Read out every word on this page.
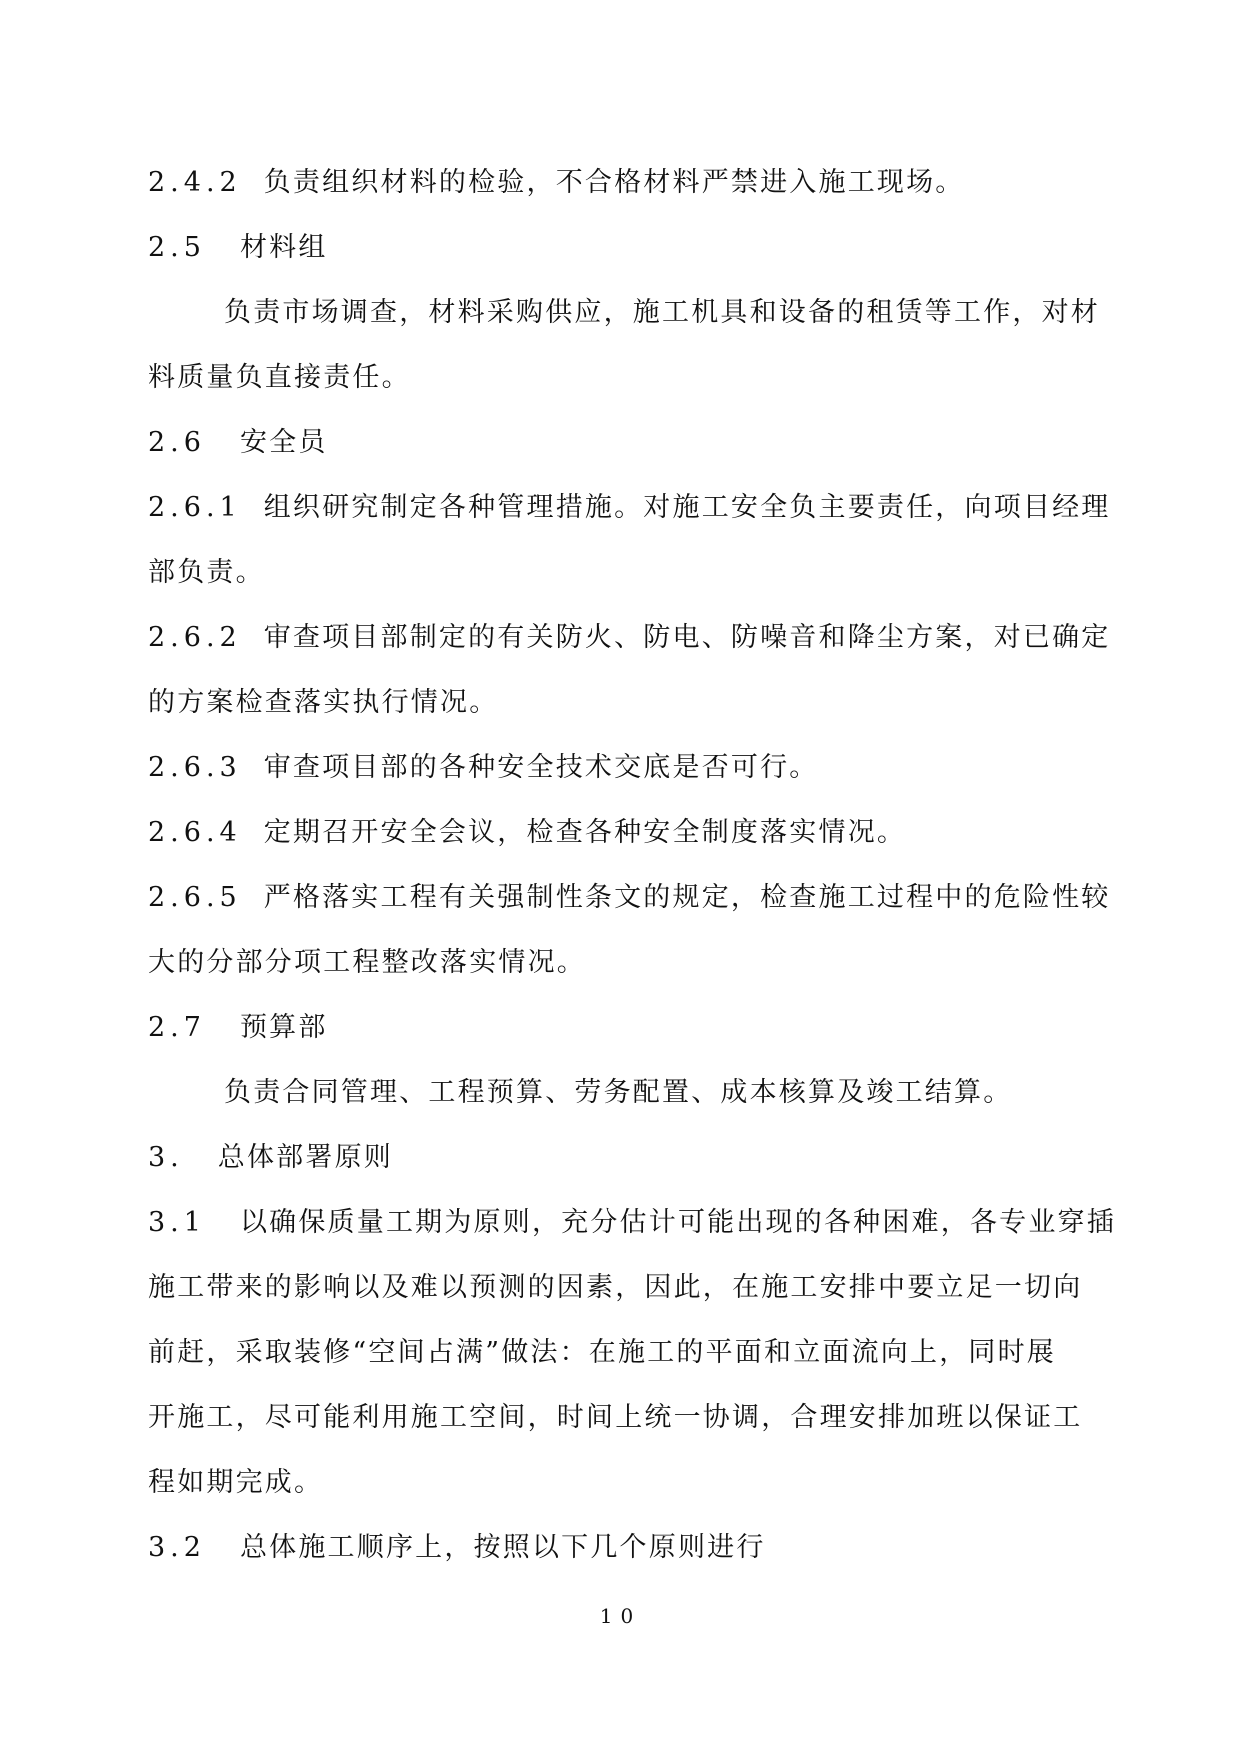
2.4.2 负责组织材料的检验，不合格材料严禁进入施工现场。
2.5 材料组
负责市场调查，材料采购供应，施工机具和设备的租赁等工作，对材
料质量负直接责任。
2.6 安全员
2.6.1 组织研究制定各种管理措施。对施工安全负主要责任，向项目经理
部负责。
2.6.2 审查项目部制定的有关防火、防电、防噪音和降尘方案，对已确定
的方案检查落实执行情况。
2.6.3 审查项目部的各种安全技术交底是否可行。
2.6.4 定期召开安全会议，检查各种安全制度落实情况。
2.6.5 严格落实工程有关强制性条文的规定，检查施工过程中的危险性较
大的分部分项工程整改落实情况。
2.7 预算部
负责合同管理、工程预算、劳务配置、成本核算及竣工结算。
3. 总体部署原则
3.1 以确保质量工期为原则，充分估计可能出现的各种困难，各专业穿插
施工带来的影响以及难以预测的因素，因此，在施工安排中要立足一切向
前赶，采取装修“空间占满”做法：在施工的平面和立面流向上，同时展
开施工，尽可能利用施工空间，时间上统一协调，合理安排加班以保证工
程如期完成。
3.2 总体施工顺序上，按照以下几个原则进行
10
